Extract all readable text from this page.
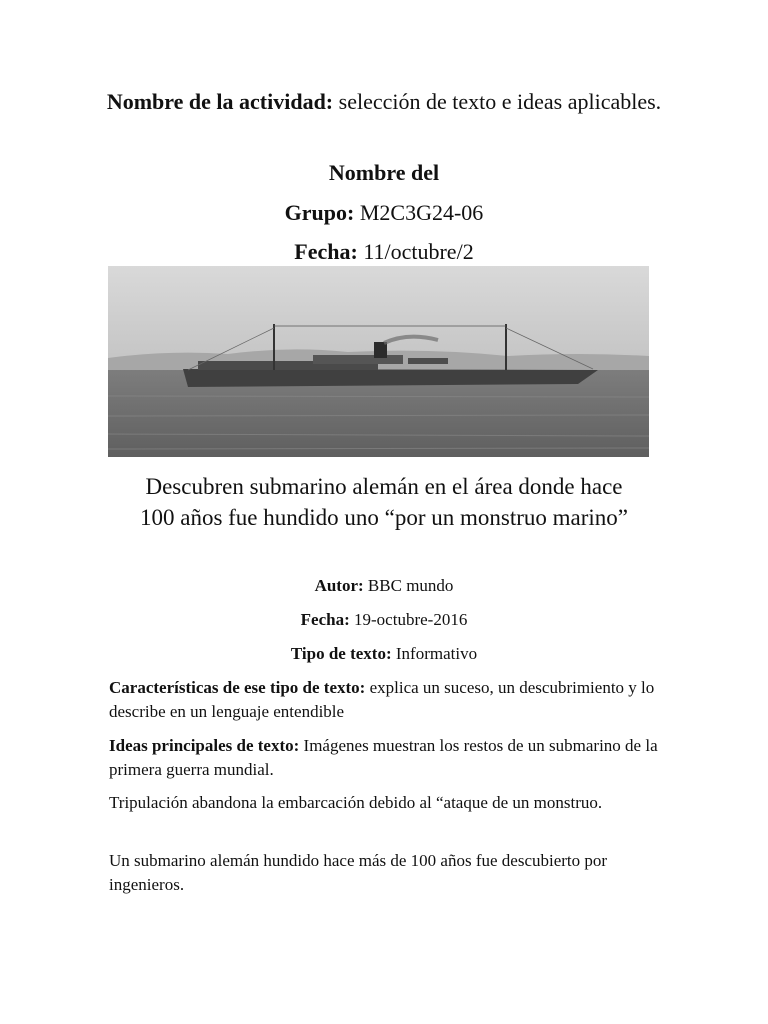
Nombre de la actividad: selección de texto e ideas aplicables.
Nombre del
Grupo: M2C3G24-06
Fecha: 11/octubre/2
Descubren submarino alemán en el área donde hace
100 años fue hundido uno “por un monstruo marino”
Autor: BBC mundo
Fecha: 19-octubre-2016
Tipo de texto: Informativo
Características de ese tipo de texto: explica un suceso, un descubrimiento y lo describe en un lenguaje entendible
Ideas principales de texto: Imágenes muestran los restos de un submarino de la primera guerra mundial.
Tripulación abandona la embarcación debido al “ataque de un monstruo.
Un submarino alemán hundido hace más de 100 años fue descubierto por ingenieros.
